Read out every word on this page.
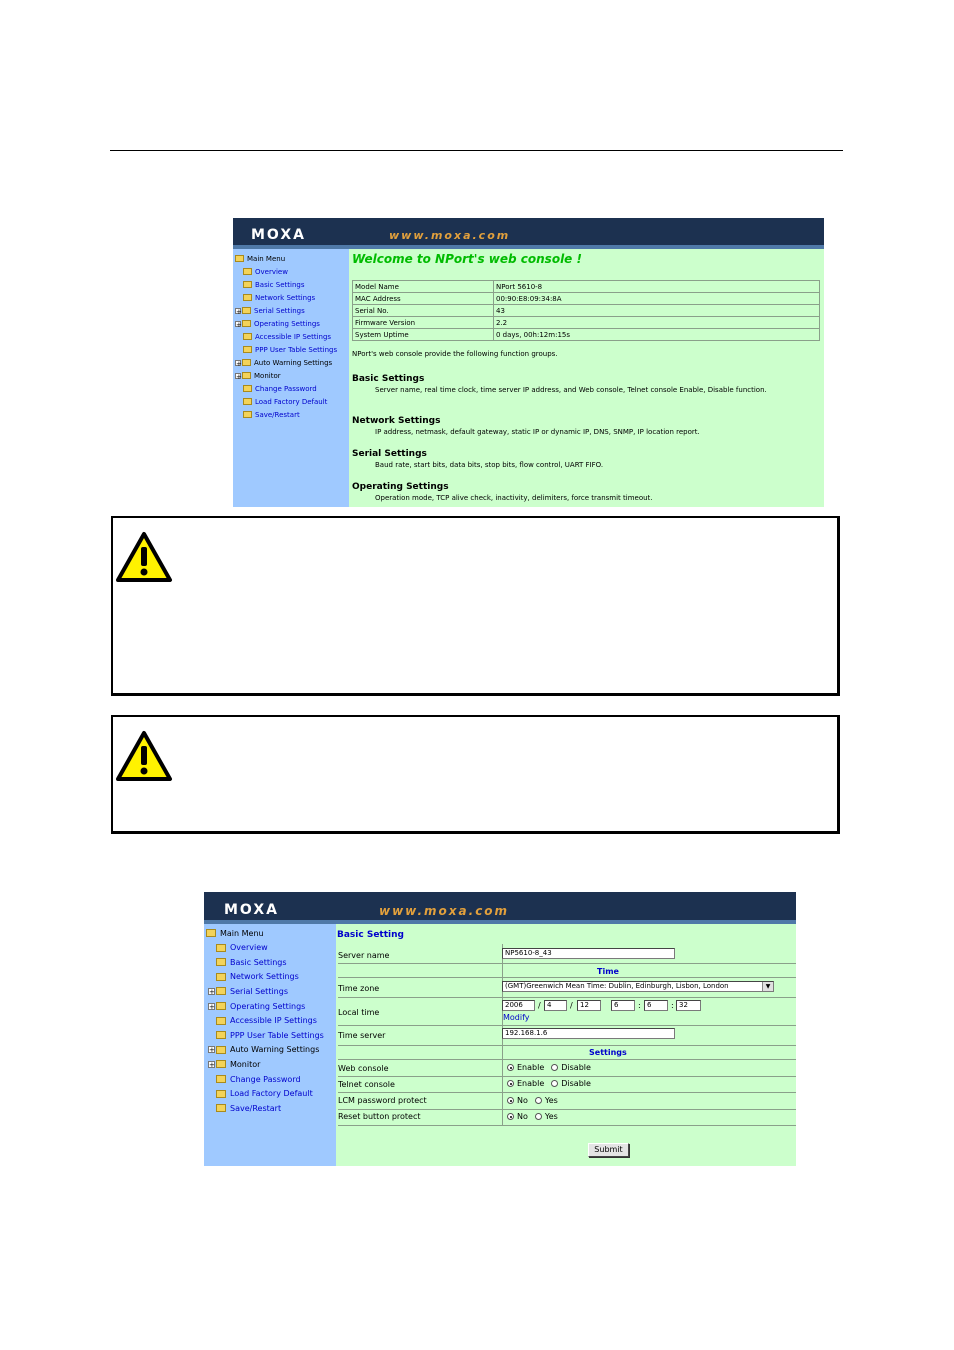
MOXA	www.moxa.com
Main Menu
Overview
Basic Settings
Network Settings
+ Serial Settings
+ Operating Settings
Accessible IP Settings
PPP User Table Settings
+ Auto Warning Settings
+ Monitor
Change Password
Load Factory Default
Save/Restart
Welcome to NPort's web console !
Model Name	NPort 5610-8
MAC Address	00:90:E8:09:34:8A
Serial No.	43
Firmware Version	2.2
System Uptime	0 days, 00h:12m:15s
NPort's web console provide the following function groups.
Basic Settings
Server name, real time clock, time server IP address, and Web console, Telnet console Enable, Disable function.
Network Settings
IP address, netmask, default gateway, static IP or dynamic IP, DNS, SNMP, IP location report.
Serial Settings
Baud rate, start bits, data bits, stop bits, flow control, UART FIFO.
Operating Settings
Operation mode, TCP alive check, inactivity, delimiters, force transmit timeout.
MOXA	www.moxa.com
Main Menu
Overview
Basic Settings
Network Settings
+ Serial Settings
+ Operating Settings
Accessible IP Settings
PPP User Table Settings
+ Auto Warning Settings
+ Monitor
Change Password
Load Factory Default
Save/Restart
Basic Setting
Server name	NP5610-8_43
Time
Time zone	(GMT)Greenwich Mean Time: Dublin, Edinburgh, Lisbon, London	▼
Local time
2006	/ 4	/	12	6	: 6	: 32
Modify
Time server	192.168.1.6
Settings
Web console	Enable Disable
Telnet console	Enable Disable
LCM password protect	No Yes
Reset button protect	No Yes
Submit
